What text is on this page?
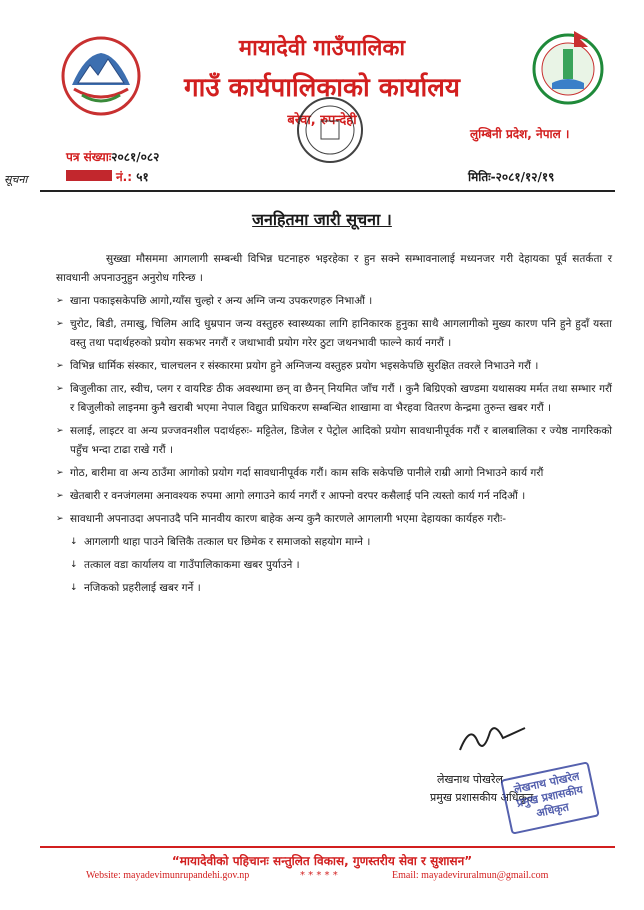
मायादेवी गाउँपालिका
गाउँ कार्यपालिकाको कार्यालय
बरेवा, रुपन्देही
लुम्बिनी प्रदेश, नेपाल ।
पत्र संख्याः२०८१/०८२
सूचना	नं.: ५१	मितिः-२०८१/१२/१९
जनहितमा जारी सूचना ।

सुख्खा मौसममा आगलागी सम्बन्धी विभिन्न घटनाहरु भइरहेका र हुन सक्ने सम्भावनालाई मध्यनजर गरी देहायका पूर्व सतर्कता र सावधानी अपनाउनुहुन अनुरोध गरिन्छ ।

➢ खाना पकाइसकेपछि आगो,ग्याँस चुल्हो र अन्य अग्नि जन्य उपकरणहरु निभाऔं ।
➢ चुरोट, बिडी, तमाखु, चिलिम आदि धुम्रपान जन्य वस्तुहरु स्वास्थ्यका लागि हानिकारक हुनुका साथै आगलागीको मुख्य कारण पनि हुने हुदाँ यस्ता वस्तु तथा पदार्थहरुको प्रयोग सकभर नगरौं र जथाभावी प्रयोग गरेर ठुटा जथनभावी फाल्ने कार्य नगरौं ।
➢ विभिन्न धार्मिक संस्कार, चालचलन र संस्कारमा प्रयोग हुने अग्निजन्य वस्तुहरु प्रयोग भइसकेपछि सुरक्षित तवरले निभाउने गरौं ।
➢ बिजुलीका तार, स्वीच, प्लग र वायरिङ ठीक अवस्थामा छन् वा छैनन् नियमित जाँच गरौं । कुनै बिग्रिएको खण्डमा यथासक्य मर्मत तथा सम्भार गरौं र बिजुलीको लाइनमा कुनै खराबी भएमा नेपाल विद्युत प्राधिकरण सम्बन्धित शाखामा वा भैरहवा वितरण केन्द्रमा तुरुन्त खबर गरौं ।
➢ सलाई, लाइटर वा अन्य प्रज्जवनशील पदार्थहरुः- मट्टितेल, डिजेल र पेट्रोल आदिको प्रयोग सावधानीपूर्वक गरौं र बालबालिका र ज्येष्ठ नागरिकको पहुँच भन्दा टाढा राखे गरौं ।
➢ गोठ, बारीमा वा अन्य ठाउँमा आगोको प्रयोग गर्दा सावधानीपूर्वक गरौं। काम सकि सकेपछि पानीले राम्री आगो निभाउने कार्य गरौं
➢ खेतबारी र वनजंगलमा अनावश्यक रुपमा आगो लगाउने कार्य नगरौं र आफ्नो वरपर कसैलाई पनि त्यस्तो कार्य गर्न नदिऔं ।
➢ सावधानी अपनाउदा अपनाउदै पनि मानवीय कारण बाहेक अन्य कुनै कारणले आगलागी भएमा देहायका कार्यहरु गरौः-
↓ आगलागी थाहा पाउने बित्तिकै तत्काल घर छिमेक र समाजको सहयोग माग्ने ।
↓ तत्काल वडा कार्यालय वा गाउँपालिकाकमा खबर पुर्याउने ।
↓ नजिकको प्रहरीलाई खबर गर्ने ।
लेखनाथ पोखरेल
प्रमुख प्रशासकीय अधिकृत
लेखनाथ पोखरेल प्रमुख प्रशासकीय अधिकृत
“मायादेवीको पहिचानः सन्तुलित विकास, गुणस्तरीय सेवा र सुशासन”
Website: mayadevimunrupandehi.gov.np	* * * * *	Email: mayadeviruralmun@gmail.com
